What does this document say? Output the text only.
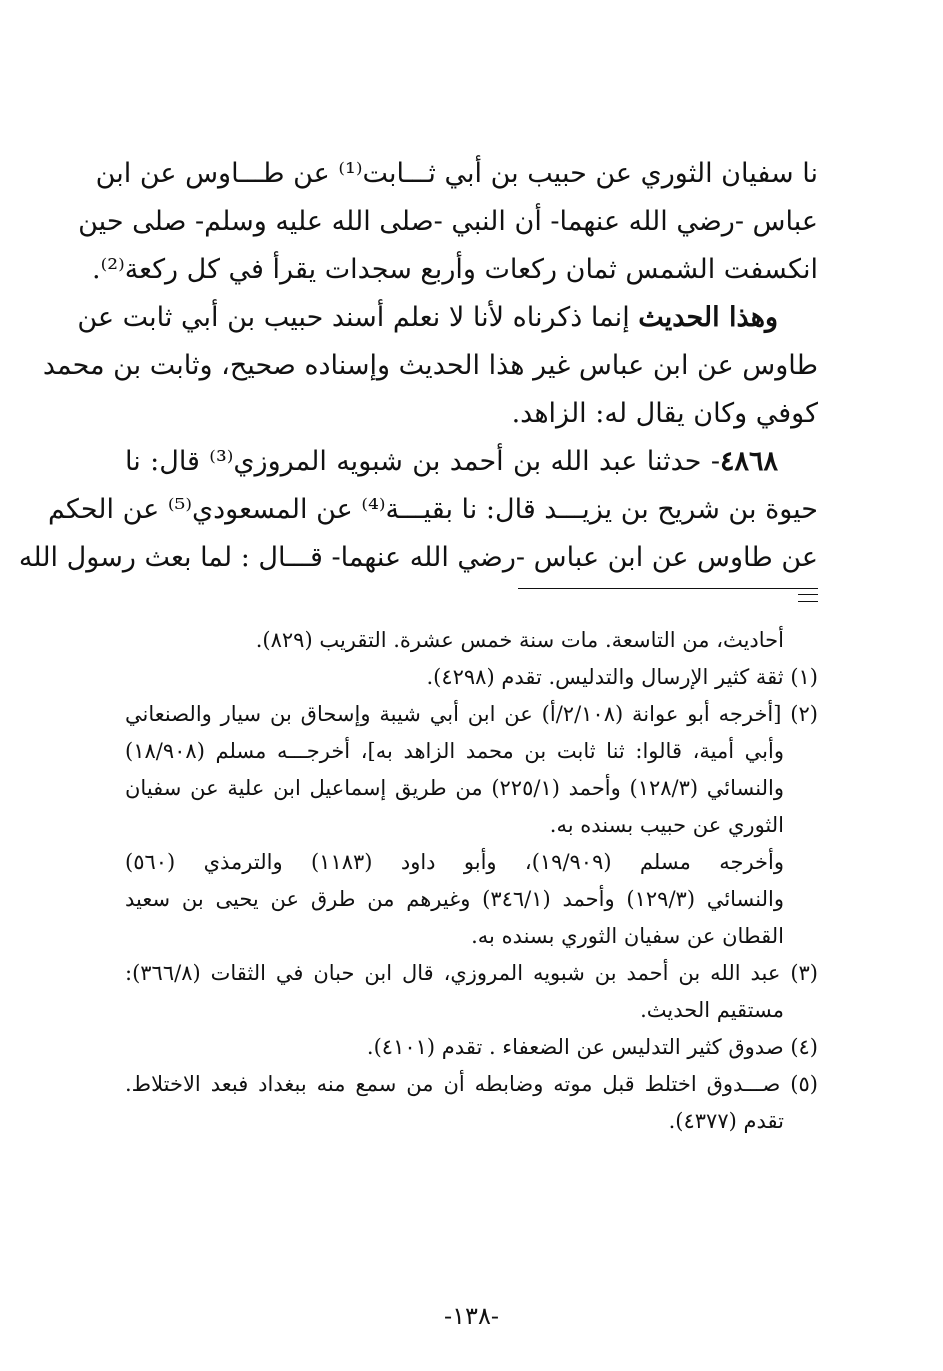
نا سفيان الثوري عن حبيب بن أبي ثـــابت⁽¹⁾ عن طـــاوس عن ابن
عباس -رضي الله عنهما- أن النبي -صلى الله عليه وسلم- صلى حين
انكسفت الشمس ثمان ركعات وأربع سجدات يقرأ في كل ركعة⁽²⁾.
وهذا الحديث إنما ذكرناه لأنا لا نعلم أسند حبيب بن أبي ثابت عن
طاوس عن ابن عباس غير هذا الحديث وإسناده صحيح، وثابت بن محمد
كوفي وكان يقال له: الزاهد.
٤٨٦٨- حدثنا عبد الله بن أحمد بن شبويه المروزي⁽³⁾ قال: نا
حيوة بن شريح بن يزيـــد قال: نا بقيـــة⁽⁴⁾ عن المسعودي⁽⁵⁾ عن الحكم
عن طاوس عن ابن عباس -رضي الله عنهما- قـــال : لما بعث رسول الله
أحاديث، من التاسعة. مات سنة خمس عشرة. التقريب (٨٢٩).
(١) ثقة كثير الإرسال والتدليس. تقدم (٤٢٩٨).
(٢) [أخرجه أبو عوانة (٢/١٠٨/أ) عن ابن أبي شيبة وإسحاق بن سيار والصنعاني
وأبي أمية، قالوا: ثنا ثابت بن محمد الزاهد به]، أخرجـــه مسلم (١٨/٩٠٨)
والنسائي (١٢٨/٣) وأحمد (٢٢٥/١) من طريق إسماعيل ابن علية عن سفيان
الثوري عن حبيب بسنده به.
وأخرجه مسلم (١٩/٩٠٩)، وأبو داود (١١٨٣) والترمذي (٥٦٠)
والنسائي (١٢٩/٣) وأحمد (٣٤٦/١) وغيرهم من طرق عن يحيى بن سعيد
القطان عن سفيان الثوري بسنده به.
(٣) عبد الله بن أحمد بن شبويه المروزي، قال ابن حبان في الثقات (٣٦٦/٨):
مستقيم الحديث.
(٤) صدوق كثير التدليس عن الضعفاء . تقدم (٤١٠١).
(٥) صـــدوق اختلط قبل موته وضابطه أن من سمع منه ببغداد فبعد الاختلاط.
تقدم (٤٣٧٧).
-١٣٨-
